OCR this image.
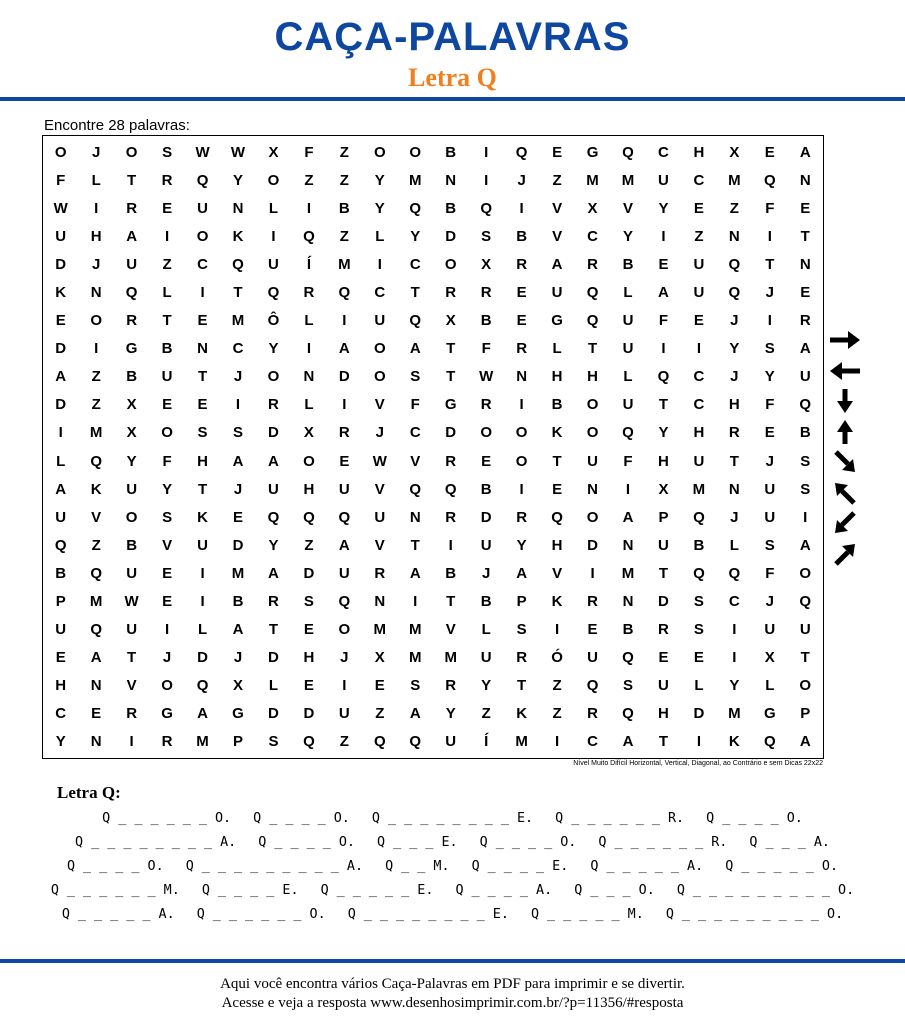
CAÇA-PALAVRAS
Letra Q
Encontre 28 palavras:
O	J	O	S	W	W	X	F	Z	O	O	B	I	Q	E	G	Q	C	H	X	E	A
F	L	T	R	Q	Y	O	Z	Z	Y	M	N	I	J	Z	M	M	U	C	M	Q	N
W	I	R	E	U	N	L	I	B	Y	Q	B	Q	I	V	X	V	Y	E	Z	F	E
U	H	A	I	O	K	I	Q	Z	L	Y	D	S	B	V	C	Y	I	Z	N	I	T
D	J	U	Z	C	Q	U	Í	M	I	C	O	X	R	A	R	B	E	U	Q	T	N
K	N	Q	L	I	T	Q	R	Q	C	T	R	R	E	U	Q	L	A	U	Q	J	E
E	O	R	T	E	M	Ô	L	I	U	Q	X	B	E	G	Q	U	F	E	J	I	R
D	I	G	B	N	C	Y	I	A	O	A	T	F	R	L	T	U	I	I	Y	S	A
A	Z	B	U	T	J	O	N	D	O	S	T	W	N	H	H	L	Q	C	J	Y	U
D	Z	X	E	E	I	R	L	I	V	F	G	R	I	B	O	U	T	C	H	F	Q
I	M	X	O	S	S	D	X	R	J	C	D	O	O	K	O	Q	Y	H	R	E	B
L	Q	Y	F	H	A	A	O	E	W	V	R	E	O	T	U	F	H	U	T	J	S
A	K	U	Y	T	J	U	H	U	V	Q	Q	B	I	E	N	I	X	M	N	U	S
U	V	O	S	K	E	Q	Q	Q	U	N	R	D	R	Q	O	A	P	Q	J	U	I
Q	Z	B	V	U	D	Y	Z	A	V	T	I	U	Y	H	D	N	U	B	L	S	A
B	Q	U	E	I	M	A	D	U	R	A	B	J	A	V	I	M	T	Q	Q	F	O
P	M	W	E	I	B	R	S	Q	N	I	T	B	P	K	R	N	D	S	C	J	Q
U	Q	U	I	L	A	T	E	O	M	M	V	L	S	I	E	B	R	S	I	U	U
E	A	T	J	D	J	D	H	J	X	M	M	U	R	Ó	U	Q	E	E	I	X	T
H	N	V	O	Q	X	L	E	I	E	S	R	Y	T	Z	Q	S	U	L	Y	L	O
C	E	R	G	A	G	D	D	U	Z	A	Y	Z	K	Z	R	Q	H	D	M	G	P
Y	N	I	R	M	P	S	Q	Z	Q	Q	U	Í	M	I	C	A	T	I	K	Q	A
Nível Muito Difícil Horizontal, Vertical, Diagonal, ao Contrário e sem Dicas 22x22
Letra Q:
Q _ _ _ _ _ _ O. Q _ _ _ _ O. Q _ _ _ _ _ _ _ _ E. Q _ _ _ _ _ _ R. Q _ _ _ _ O.
Q _ _ _ _ _ _ _ _ A. Q _ _ _ _ O. Q _ _ _ E. Q _ _ _ _ O. Q _ _ _ _ _ _ R. Q _ _ _ A.
Q _ _ _ _ O. Q _ _ _ _ _ _ _ _ _ A. Q _ _ M. Q _ _ _ _ E. Q _ _ _ _ _ A. Q _ _ _ _ _ O.
Q _ _ _ _ _ _ M. Q _ _ _ _ E. Q _ _ _ _ _ E. Q _ _ _ _ A. Q _ _ _ O. Q _ _ _ _ _ _ _ _ _ O.
Q _ _ _ _ _ A. Q _ _ _ _ _ _ O. Q _ _ _ _ _ _ _ _ E. Q _ _ _ _ _ M. Q _ _ _ _ _ _ _ _ _ O.
Aqui você encontra vários Caça-Palavras em PDF para imprimir e se divertir.
Acesse e veja a resposta www.desenhosimprimir.com.br/?p=11356/#resposta
